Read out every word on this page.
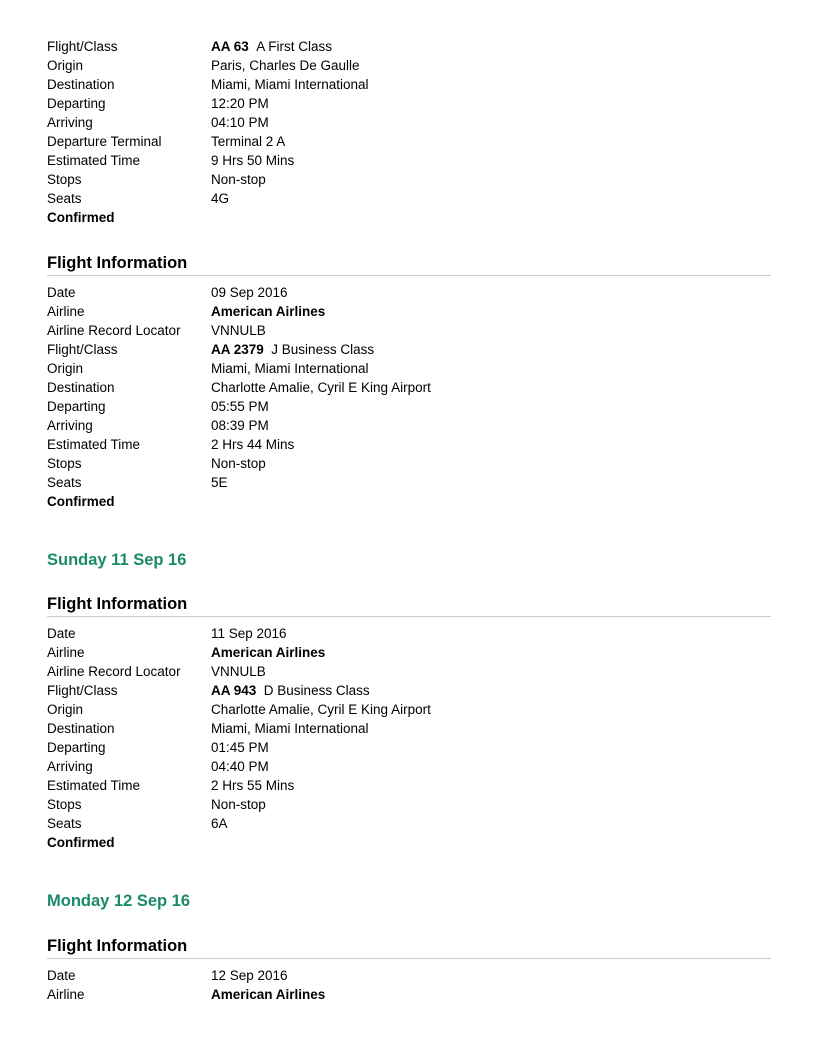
Flight/Class	AA 63 A First Class
Origin	Paris, Charles De Gaulle
Destination	Miami, Miami International
Departing	12:20 PM
Arriving	04:10 PM
Departure Terminal	Terminal 2 A
Estimated Time	9 Hrs 50 Mins
Stops	Non-stop
Seats	4G
Confirmed
Flight Information
Date	09 Sep 2016
Airline	American Airlines
Airline Record Locator	VNNULB
Flight/Class	AA 2379 J Business Class
Origin	Miami, Miami International
Destination	Charlotte Amalie, Cyril E King Airport
Departing	05:55 PM
Arriving	08:39 PM
Estimated Time	2 Hrs 44 Mins
Stops	Non-stop
Seats	5E
Confirmed
Sunday 11 Sep 16
Flight Information
Date	11 Sep 2016
Airline	American Airlines
Airline Record Locator	VNNULB
Flight/Class	AA 943 D Business Class
Origin	Charlotte Amalie, Cyril E King Airport
Destination	Miami, Miami International
Departing	01:45 PM
Arriving	04:40 PM
Estimated Time	2 Hrs 55 Mins
Stops	Non-stop
Seats	6A
Confirmed
Monday 12 Sep 16
Flight Information
Date	12 Sep 2016
Airline	American Airlines
